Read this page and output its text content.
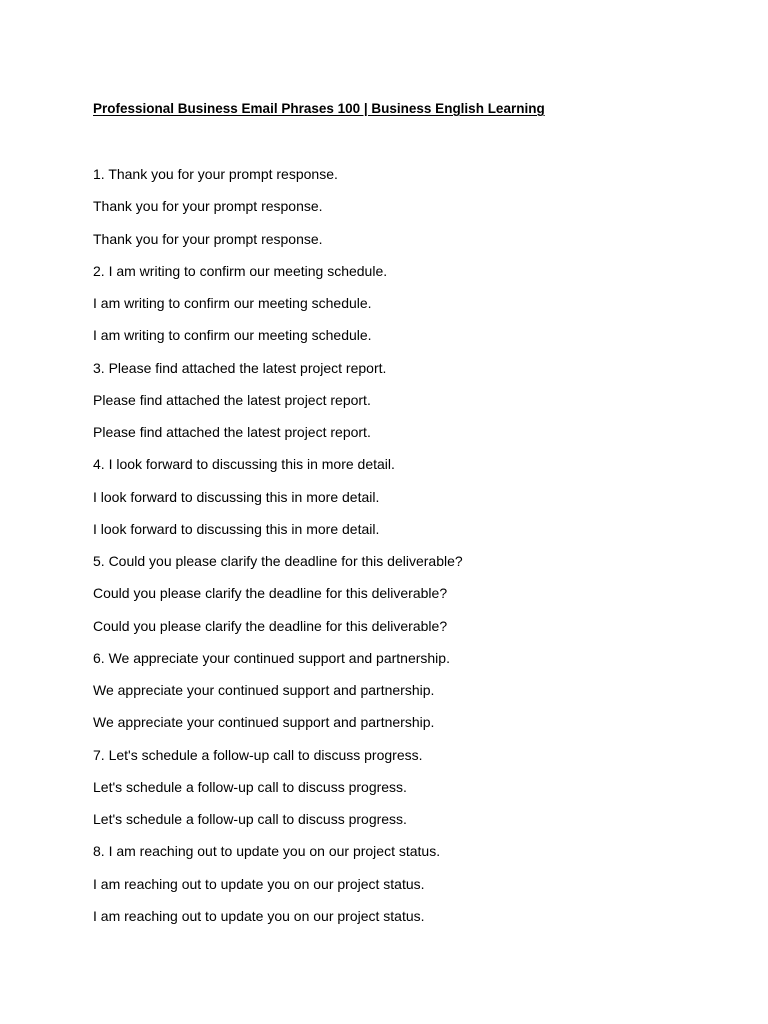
Professional Business Email Phrases 100 | Business English Learning
1. Thank you for your prompt response.
Thank you for your prompt response.
Thank you for your prompt response.
2. I am writing to confirm our meeting schedule.
I am writing to confirm our meeting schedule.
I am writing to confirm our meeting schedule.
3. Please find attached the latest project report.
Please find attached the latest project report.
Please find attached the latest project report.
4. I look forward to discussing this in more detail.
I look forward to discussing this in more detail.
I look forward to discussing this in more detail.
5. Could you please clarify the deadline for this deliverable?
Could you please clarify the deadline for this deliverable?
Could you please clarify the deadline for this deliverable?
6. We appreciate your continued support and partnership.
We appreciate your continued support and partnership.
We appreciate your continued support and partnership.
7. Let's schedule a follow-up call to discuss progress.
Let's schedule a follow-up call to discuss progress.
Let's schedule a follow-up call to discuss progress.
8. I am reaching out to update you on our project status.
I am reaching out to update you on our project status.
I am reaching out to update you on our project status.
